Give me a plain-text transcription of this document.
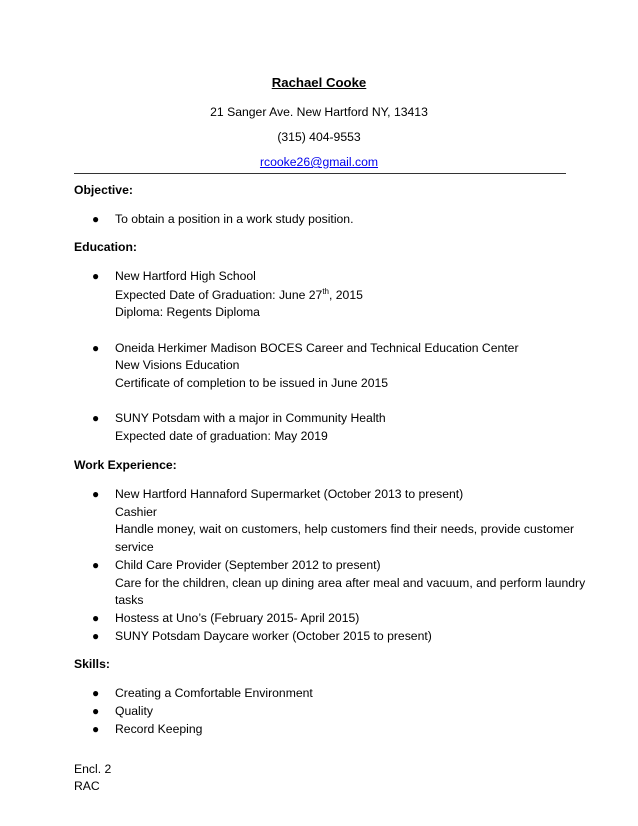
Rachael Cooke
21 Sanger Ave. New Hartford NY, 13413
(315) 404-9553
rcooke26@gmail.com
Objective:
● To obtain a position in a work study position.
Education:
● New Hartford High School
Expected Date of Graduation: June 27th, 2015
Diploma: Regents Diploma
● Oneida Herkimer Madison BOCES Career and Technical Education Center
New Visions Education
Certificate of completion to be issued in June 2015
● SUNY Potsdam with a major in Community Health
Expected date of graduation: May 2019
Work Experience:
● New Hartford Hannaford Supermarket (October 2013 to present)
Cashier
Handle money, wait on customers, help customers find their needs, provide customer
service
● Child Care Provider (September 2012 to present)
Care for the children, clean up dining area after meal and vacuum, and perform laundry
tasks
● Hostess at Uno’s (February 2015- April 2015)
● SUNY Potsdam Daycare worker (October 2015 to present)
Skills:
● Creating a Comfortable Environment
● Quality
● Record Keeping
Encl. 2
RAC
